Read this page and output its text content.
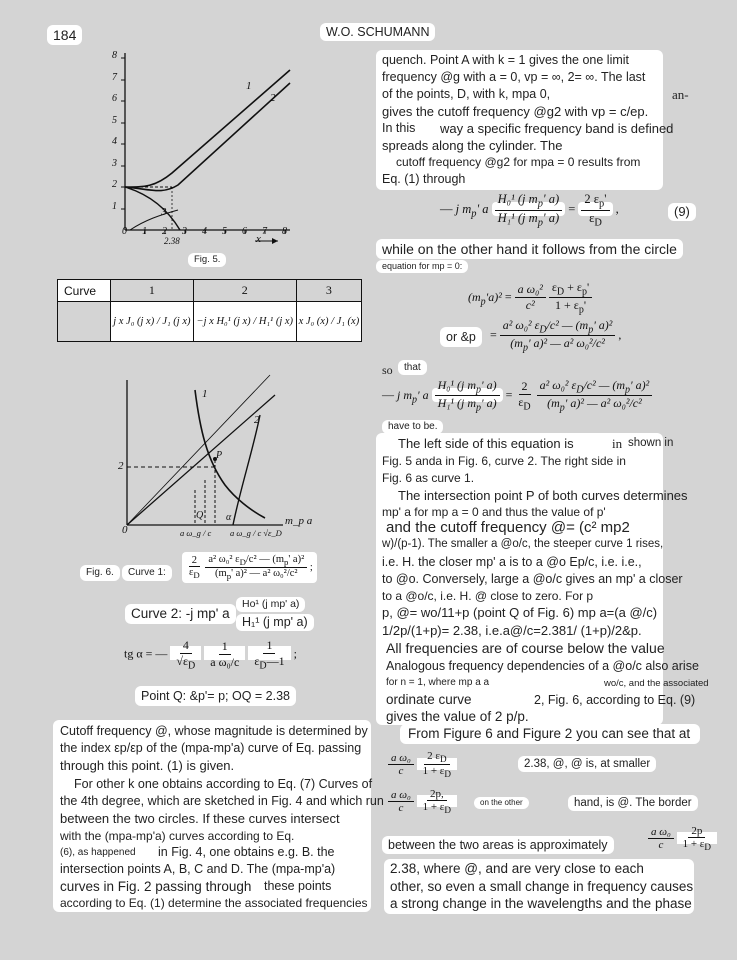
184	W.O. SCHUMANN
1
2
3
4
5
6
7
8
0 1 2 3 4 5 6 7 8
2.38	x
1
2
3
Fig. 5.
Curve	1	2	3
	j x J₀ (j x) / J₁ (j x)	−j x H₀¹ (j x) / H₁¹ (j x)	x J₀ (x) / J₁ (x)
2
0
1
2
P
Q α	m_p a
a ω_g / c a ω_g / c √ε_D
Fig. 6.	Curve 1:	$\frac{2}{\varepsilon_D}$
$\frac{a^2 \omega_0^2 \varepsilon_D/c^2 — (m_p' a)^2}{(m_p' a)^2 — a^2 \omega_0^2/c^2}$ ;
Curve 2: -j mp' a
Ho¹ (j mp' a)
H₁¹ (j mp' a)
tg α = — $\frac{4}{√\varepsilon_D}$
$\frac{1}{\text{a ω₀/c}}$
$\frac{1}{\varepsilon_D—1}$ ;
Point Q: &p'= p; OQ = 2.38
Cutoff frequency @, whose magnitude is determined by
the index εp/εp of the (mpa-mp'a) curve of Eq. passing
through this point. (1) is given.
For other k one obtains according to Eq. (7) Curves of
the 4th degree, which are sketched in Fig. 4 and which run
between the two circles. If these curves intersect
with the (mpa-mp'a) curves according to Eq.
(6), as happened in Fig. 4, one obtains e.g. B. the
intersection points A, B, C and D. The (mpa-mp'a)
curves in Fig. 2 passing through these points
according to Eq. (1) determine the associated frequencies
quench. Point A with k = 1 gives the one limit
frequency @g with a = 0, vp = ∞, 2= ∞. The last
of the points, D, with k, mpa 0,	an-
gives the cutoff frequency @g2 with vp = c/ep.
In this way a specific frequency band is defined
spreads along the cylinder. The
cutoff frequency @g2 for mpa = 0 results from
Eq. (1) through
— j $m_p'$ a $\frac{H_0^1 (j m_p' a)}{H_1^1 (j m_p' a)} = \frac{2 \varepsilon_p'}{\varepsilon_D}$ ,	(9)
while on the other hand it follows from the circle
equation for mp = 0:
$(m_p'a)^2 = \frac{\text{a ω₀²}}{\text{c²}}$
$\frac{\varepsilon_D + \varepsilon_p'}{1 + \varepsilon_p'}$
or &p	= $\frac{a^2 \omega_0^2 \varepsilon_D/c^2 — (m_p' a)^2}{(m_p' a)^2 — a^2 \omega_0^2/c^2}$ ,
so	that
— j $m_p'$ a $\frac{H_0^1 (j m_p' a)}{H_1^1 (j m_p' a)} = \frac{2}{\varepsilon_D}$
$\frac{a^2 \omega_0^2 \varepsilon_D/c^2 — (m_p' a)^2}{(m_p' a)^2 — a^2 \omega_0^2/c^2}$
have to be.
The left side of this equation is	in shown in
Fig. 5 anda in Fig. 6, curve 2. The right side in
Fig. 6 as curve 1.
The intersection point P of both curves determines
mp' a for mp a = 0 and thus the value of p'
and the cutoff frequency @= (c² mp2
w)/(p-1). The smaller a @o/c, the steeper curve 1 rises,
i.e. H. the closer mp' a is to a @o Ep/c, i.e. i.e.,
to @o. Conversely, large a @o/c gives an mp' a closer
to a @o/c, i.e. H. @ close to zero. For p
p, @= wo/11+p (point Q of Fig. 6) mp a=(a @/c)
1/2p/(1+p)= 2.38, i.e.a@/c=2.381/ (1+p)/2&p.
All frequencies are of course below the value
Analogous frequency dependencies of a @o/c also arise
for n = 1, where mp a a	wo/c, and the associated
ordinate curve	2, Fig. 6, according to Eq. (9)
gives the value of 2 p/p.
From Figure 6 and Figure 2 you can see that at
$\frac{\text{a ω₀}}{c}$
$\frac{2 \varepsilon_D}{1 + \varepsilon_D}$	2.38, @, @ is, at smaller
$\frac{\text{a ω₀}}{c}$
$\frac{2p,}{1 + \varepsilon_D}$	on the other	hand, is @. The border
between the two areas is approximately	$\frac{\text{a ω₀}}{c}$
$\frac{2p}{1 + \varepsilon_D}$
2.38, where @, and are very close to each
other, so even a small change in frequency causes
a strong change in the wavelengths and the phase
